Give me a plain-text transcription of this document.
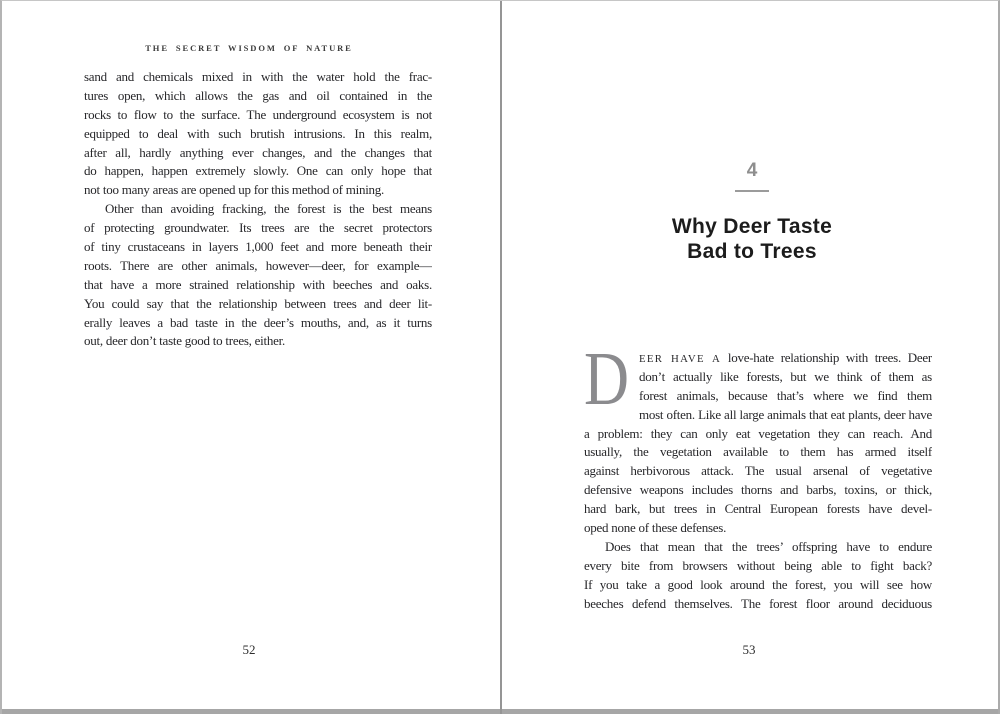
THE SECRET WISDOM OF NATURE
sand and chemicals mixed in with the water hold the frac-
tures open, which allows the gas and oil contained in the
rocks to flow to the surface. The underground ecosystem is not
equipped to deal with such brutish intrusions. In this realm,
after all, hardly anything ever changes, and the changes that
do happen, happen extremely slowly. One can only hope that
not too many areas are opened up for this method of mining.
Other than avoiding fracking, the forest is the best means
of protecting groundwater. Its trees are the secret protectors
of tiny crustaceans in layers 1,000 feet and more beneath their
roots. There are other animals, however—deer, for example—
that have a more strained relationship with beeches and oaks.
You could say that the relationship between trees and deer lit-
erally leaves a bad taste in the deer’s mouths, and, as it turns
out, deer don’t taste good to trees, either.
52
4
Why Deer Taste
Bad to Trees
D EER HAVE A love-hate relationship with trees. Deer
don’t actually like forests, but we think of them as
forest animals, because that’s where we find them
most often. Like all large animals that eat plants, deer have
a problem: they can only eat vegetation they can reach. And
usually, the vegetation available to them has armed itself
against herbivorous attack. The usual arsenal of vegetative
defensive weapons includes thorns and barbs, toxins, or thick,
hard bark, but trees in Central European forests have devel-
oped none of these defenses.
Does that mean that the trees’ offspring have to endure
every bite from browsers without being able to fight back?
If you take a good look around the forest, you will see how
beeches defend themselves. The forest floor around deciduous
53
